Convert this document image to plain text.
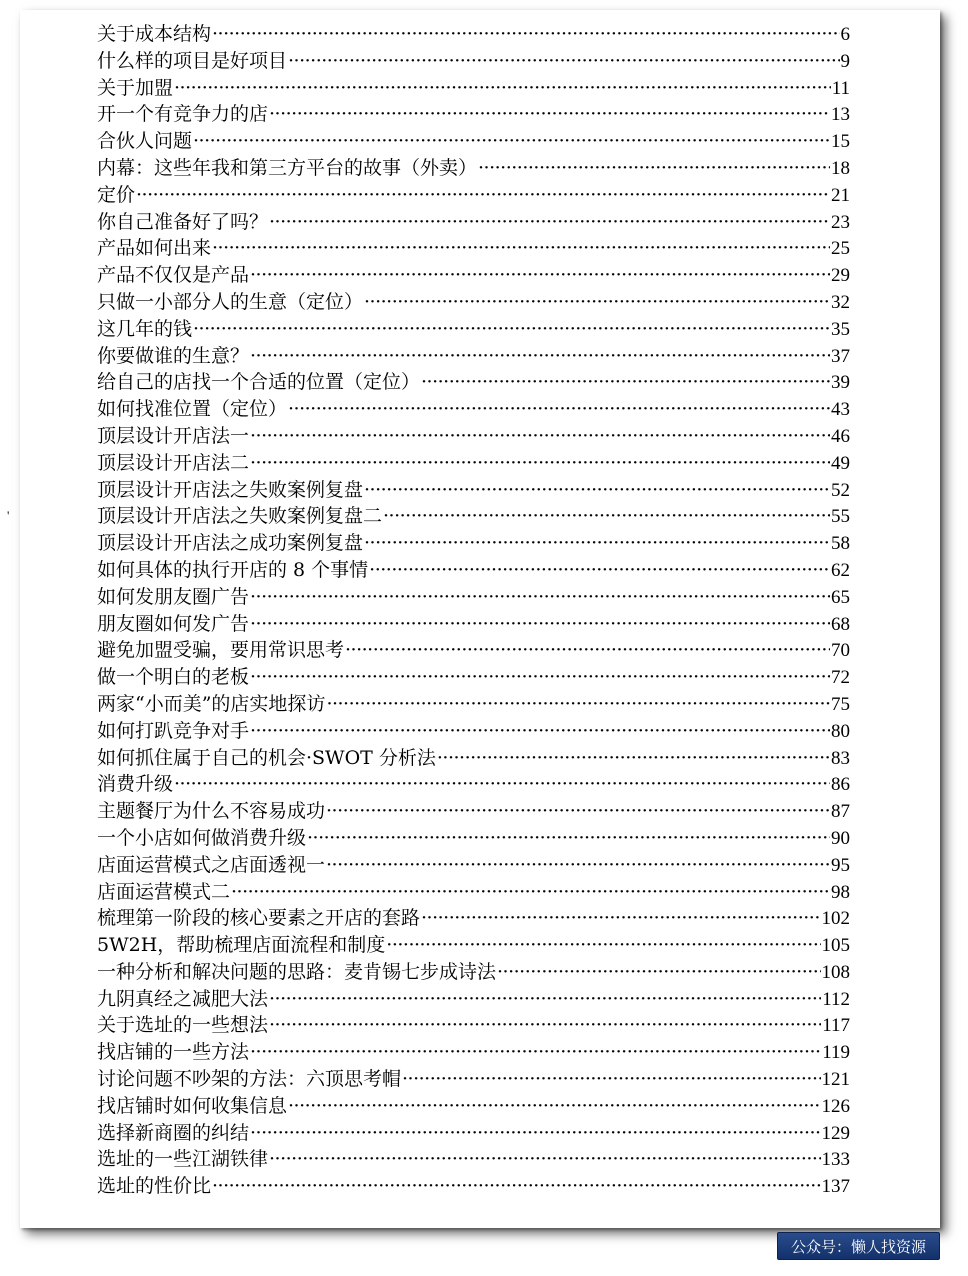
关于成本结构 ·····	6
什么样的项目是好项目 ·····	9
关于加盟 ·····	11
开一个有竞争力的店 ·····	13
合伙人问题 ·····	15
内幕：这些年我和第三方平台的故事（外卖） ·····	18
定价 ·····	21
你自己准备好了吗？ ·····	23
产品如何出来 ·····	25
产品不仅仅是产品 ·····	29
只做一小部分人的生意（定位） ·····	32
这几年的钱 ·····	35
你要做谁的生意？ ·····	37
给自己的店找一个合适的位置（定位） ·····	39
如何找准位置（定位） ·····	43
顶层设计开店法一 ·····	46
顶层设计开店法二 ·····	49
顶层设计开店法之失败案例复盘 ·····	52
顶层设计开店法之失败案例复盘二 ·····	55
顶层设计开店法之成功案例复盘 ·····	58
如何具体的执行开店的 8 个事情 ·····	62
如何发朋友圈广告 ·····	65
朋友圈如何发广告 ·····	68
避免加盟受骗，要用常识思考 ·····	70
做一个明白的老板 ·····	72
两家“小而美”的店实地探访 ·····	75
如何打趴竞争对手 ·····	80
如何抓住属于自己的机会·SWOT 分析法 ·····	83
消费升级 ·····	86
主题餐厅为什么不容易成功 ·····	87
一个小店如何做消费升级 ·····	90
店面运营模式之店面透视一 ·····	95
店面运营模式二 ·····	98
梳理第一阶段的核心要素之开店的套路 ·····	102
5W2H，帮助梳理店面流程和制度 ·····	105
一种分析和解决问题的思路：麦肯锡七步成诗法 ·····	108
九阴真经之减肥大法 ·····	112
关于选址的一些想法 ·····	117
找店铺的一些方法 ·····	119
讨论问题不吵架的方法：六顶思考帽 ·····	121
找店铺时如何收集信息 ·····	126
选择新商圈的纠结 ·····	129
选址的一些江湖铁律 ·····	133
选址的性价比 ·····	137
'
公众号：懒人找资源
